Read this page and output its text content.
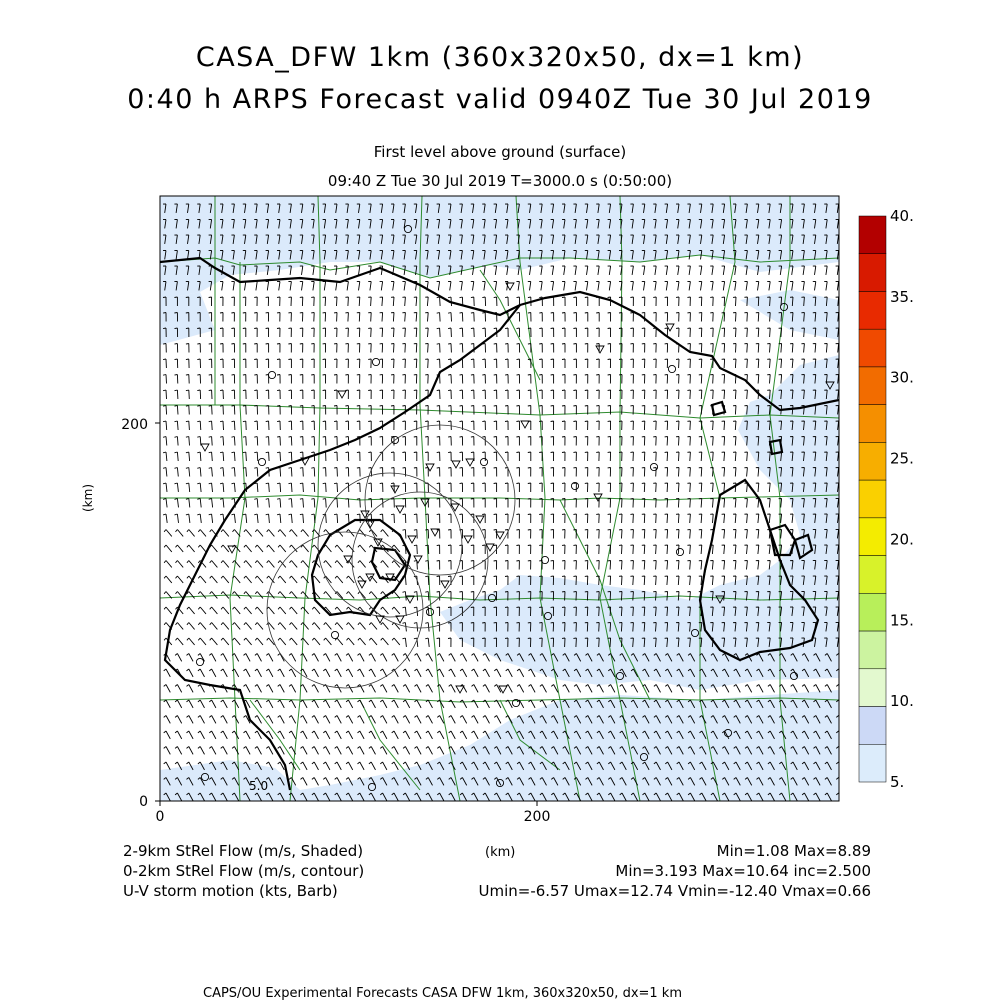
CASA_DFW 1km (360x320x50, dx=1 km)
0:40 h ARPS Forecast valid 0940Z Tue 30 Jul 2019
First level above ground (surface)
09:40 Z Tue 30 Jul 2019 T=3000.0 s (0:50:00)
5.0
0
200
(km)
0	200
40.
35.
30.
25.
20.
15.
10.
5.
2-9km StRel Flow (m/s, Shaded)
0-2km StRel Flow (m/s, contour)
U-V storm motion (kts, Barb)
(km)	Min=1.08 Max=8.89
Min=3.193 Max=10.64 inc=2.500
Umin=-6.57 Umax=12.74 Vmin=-12.40 Vmax=0.66
CAPS/OU Experimental Forecasts CASA DFW 1km, 360x320x50, dx=1 km
